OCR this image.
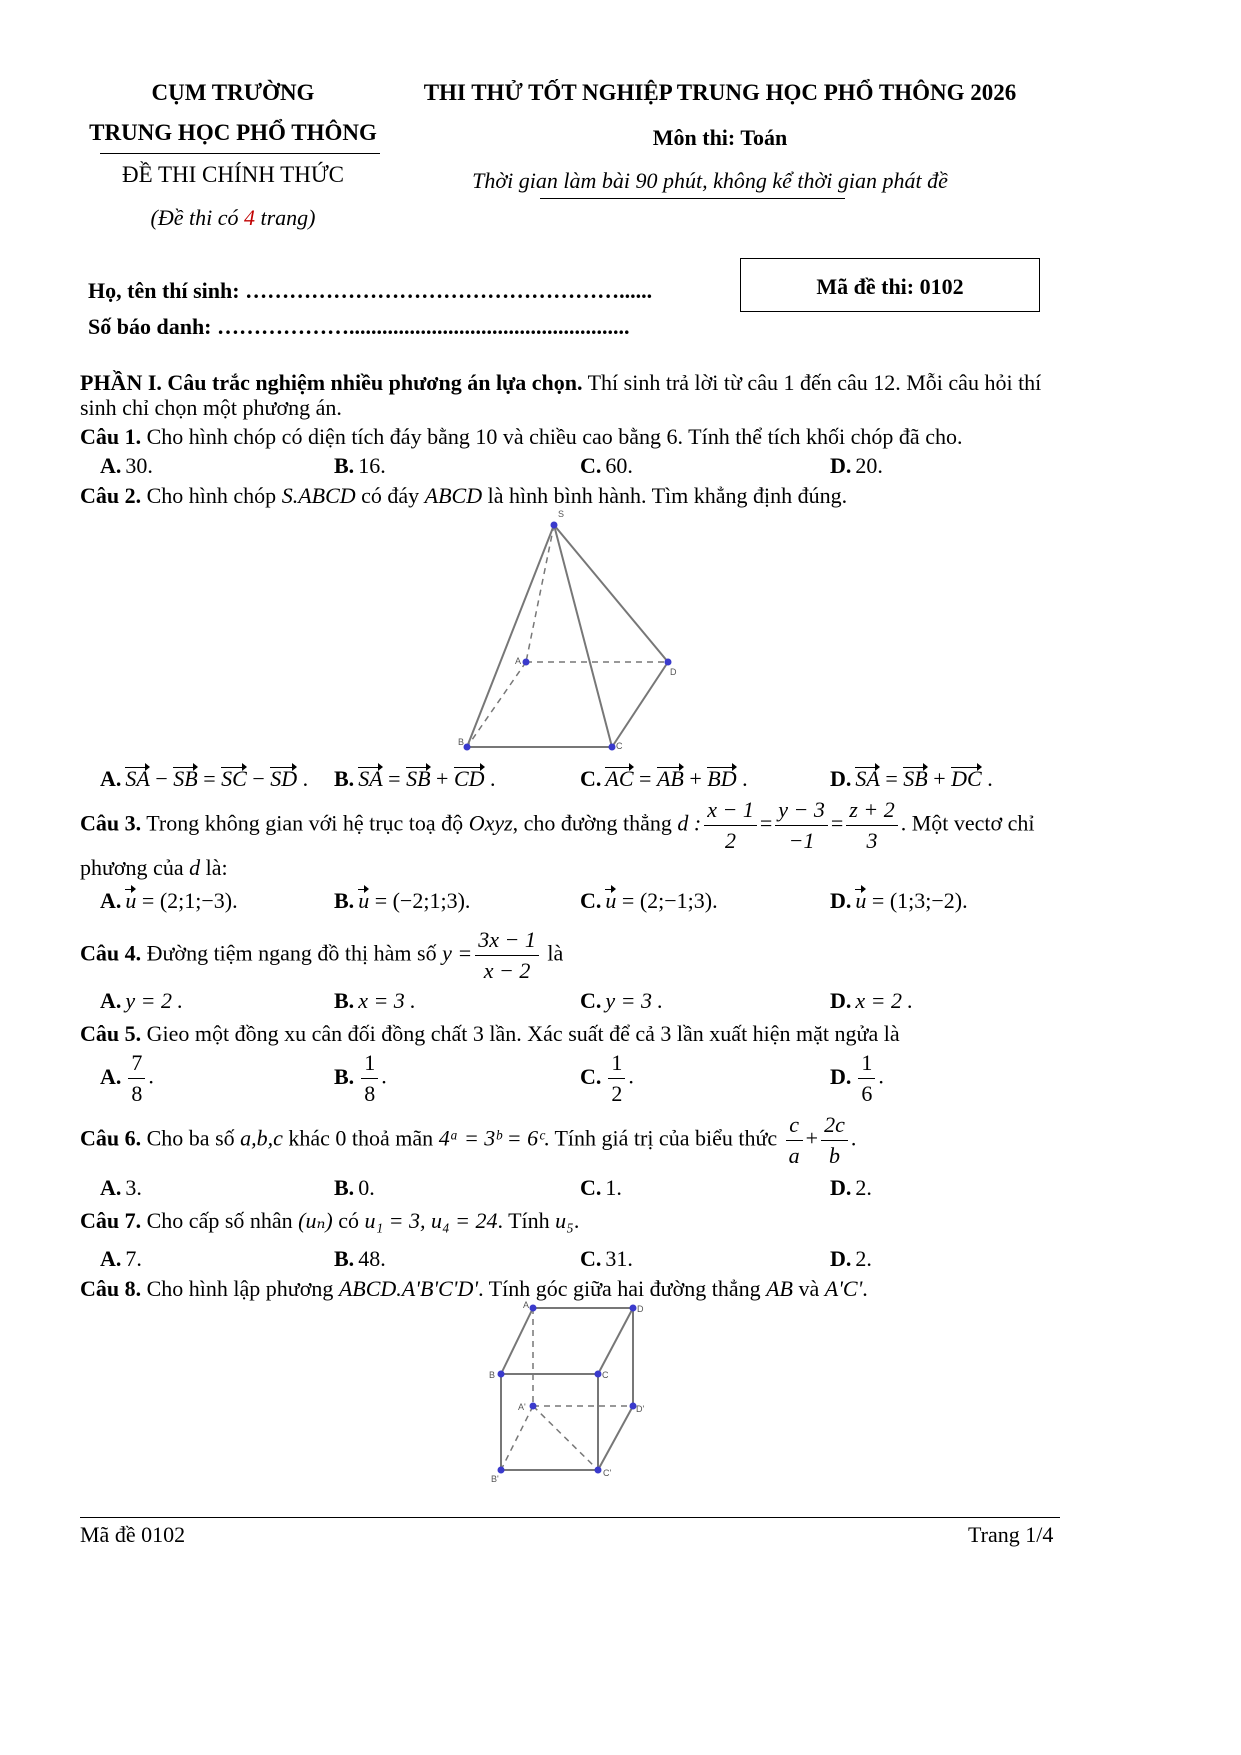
CỤM TRƯỜNG
TRUNG HỌC PHỔ THÔNG
ĐỀ THI CHÍNH THỨC
(Đề thi có 4 trang)
THI THỬ TỐT NGHIỆP TRUNG HỌC PHỔ THÔNG 2026
Môn thi: Toán
Thời gian làm bài 90 phút, không kể thời gian phát đề
Họ, tên thí sinh: ……………………………………………......
Số báo danh: ………………...................................................
Mã đề thi: 0102
PHẦN I. Câu trắc nghiệm nhiều phương án lựa chọn. Thí sinh trả lời từ câu 1 đến câu 12. Mỗi câu hỏi thí
sinh chỉ chọn một phương án.
Câu 1. Cho hình chóp có diện tích đáy bằng 10 và chiều cao bằng 6. Tính thể tích khối chóp đã cho.
A. 30.	B. 16.	C. 60.	D. 20.
Câu 2. Cho hình chóp S.ABCD có đáy ABCD là hình bình hành. Tìm khẳng định đúng.
S
A
B	C
D
A. SA − SB = SC − SD . B. SA = SB + CD .	C. AC = AB + BD .	D. SA = SB + DC .
Câu 3. Trong không gian với hệ trục toạ độ Oxyz, cho đường thẳng d : $\frac{x - 1}{2} = \frac{y - 3}{-1} = \frac{z + 2}{3}$ . Một vectơ chỉ
phương của d là:
A. u = (2;1;−3).	B. u = (−2;1;3).	C. u = (2;−1;3).	D. u = (1;3;−2).
Câu 4. Đường tiệm ngang đồ thị hàm số $y = \frac{3x - 1}{x - 2}$ là
A. y = 2 .	B. x = 3 .	C. y = 3 .	D. x = 2 .
Câu 5. Gieo một đồng xu cân đối đồng chất 3 lần. Xác suất để cả 3 lần xuất hiện mặt ngửa là
A. $\frac{7}{8}$ .	B. $\frac{1}{8}$ .	C. $\frac{1}{2}$ .	D. $\frac{1}{6}$ .
Câu 6. Cho ba số a,b,c khác 0 thoả mãn 4ᵃ = 3ᵇ = 6ᶜ. Tính giá trị của biểu thức $\frac{c}{a} + \frac{2c}{b}$ .
A. 3.	B. 0.	C. 1.	D. 2.
Câu 7. Cho cấp số nhân (uₙ) có u₁ = 3, u₄ = 24. Tính u₅.
A. 7.	B. 48.	C. 31.	D. 2.
Câu 8. Cho hình lập phương ABCD.A'B'C'D'. Tính góc giữa hai đường thẳng AB và A'C'.
A	D
B	C
A'	D'
B'
C'
Mã đề 0102	Trang 1/4
